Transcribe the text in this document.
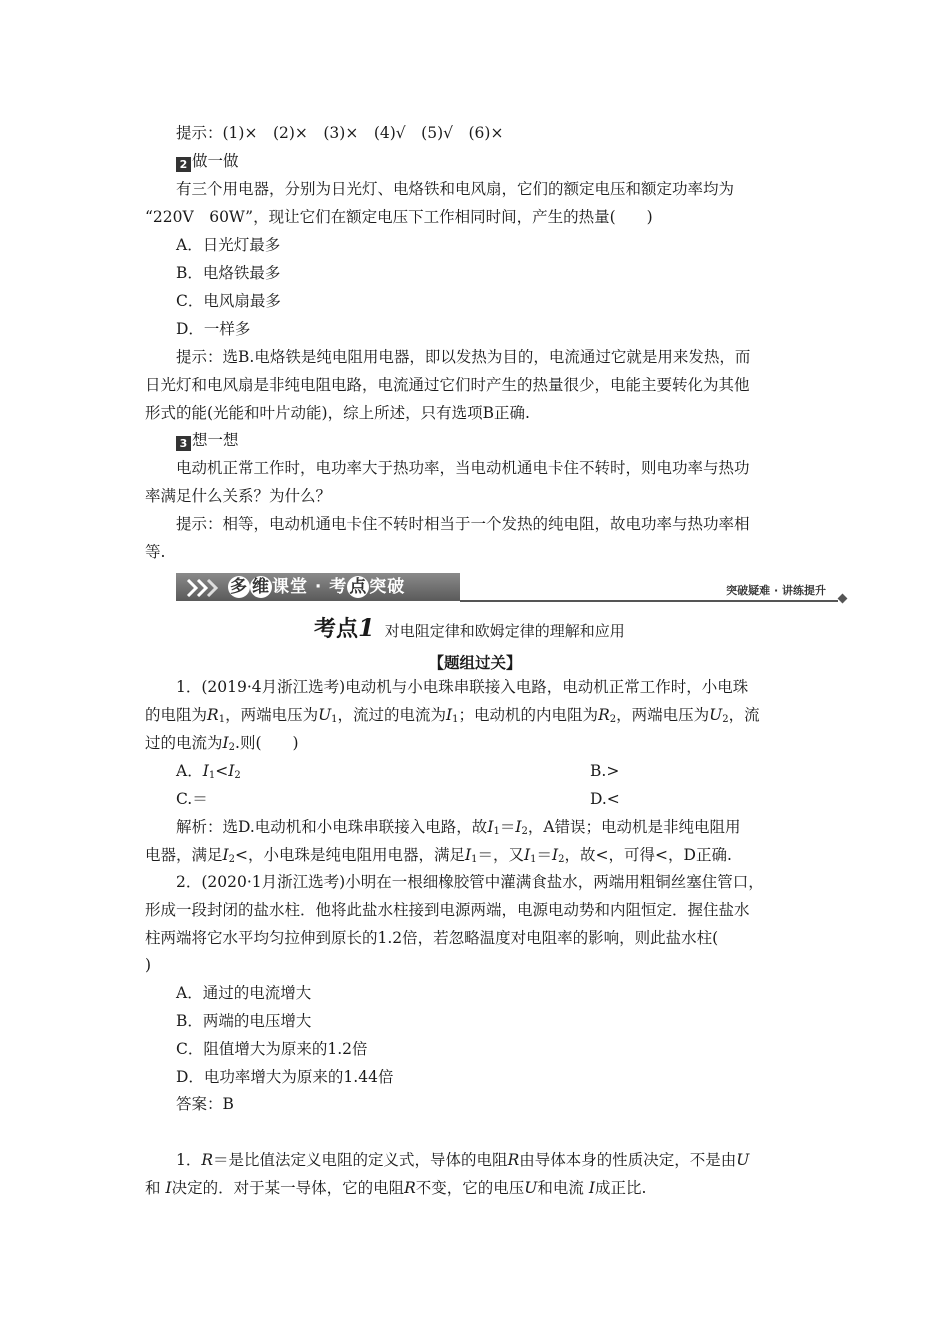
提示：(1)×　(2)×　(3)×　(4)√　(5)√　(6)×
2 做一做
有三个用电器，分别为日光灯、电烙铁和电风扇，它们的额定电压和额定功率均为
“220V　60W”，现让它们在额定电压下工作相同时间，产生的热量(　　)
A．日光灯最多
B．电烙铁最多
C．电风扇最多
D．一样多
提示：选B.电烙铁是纯电阻用电器，即以发热为目的，电流通过它就是用来发热，而
日光灯和电风扇是非纯电阻电路，电流通过它们时产生的热量很少，电能主要转化为其他
形式的能(光能和叶片动能)，综上所述，只有选项B正确.
3 想一想
电动机正常工作时，电功率大于热功率，当电动机通电卡住不转时，则电功率与热功
率满足什么关系？为什么？
提示：相等，电动机通电卡住不转时相当于一个发热的纯电阻，故电功率与热功率相
等.
多 维 课堂 · 考 点 突破	突破疑难 · 讲练提升
考点1 对电阻定律和欧姆定律的理解和应用
【题组过关】
1．(2019·4月浙江选考)电动机与小电珠串联接入电路，电动机正常工作时，小电珠
的电阻为$R_1$，两端电压为$U_1$，流过的电流为$I_1$；电动机的内电阻为$R_2$，两端电压为$U_2$，流
过的电流为$I_2$.则(　　)
A．$I_1<I_2$	B.>
C.＝	D.<
解析：选D.电动机和小电珠串联接入电路，故$I_1=I_2$，A错误；电动机是非纯电阻用
电器，满足$I_2<$，小电珠是纯电阻用电器，满足$I_1=$，又$I_1=I_2$，故<，可得<，D正确.
2．(2020·1月浙江选考)小明在一根细橡胶管中灌满食盐水，两端用粗铜丝塞住管口，
形成一段封闭的盐水柱．他将此盐水柱接到电源两端，电源电动势和内阻恒定．握住盐水
柱两端将它水平均匀拉伸到原长的1.2倍，若忽略温度对电阻率的影响，则此盐水柱(
)
A．通过的电流增大
B．两端的电压增大
C．阻值增大为原来的1.2倍
D．电功率增大为原来的1.44倍
答案：B
1．R＝是比值法定义电阻的定义式，导体的电阻R由导体本身的性质决定，不是由U
和 I决定的．对于某一导体，它的电阻R不变，它的电压U和电流 I成正比.
